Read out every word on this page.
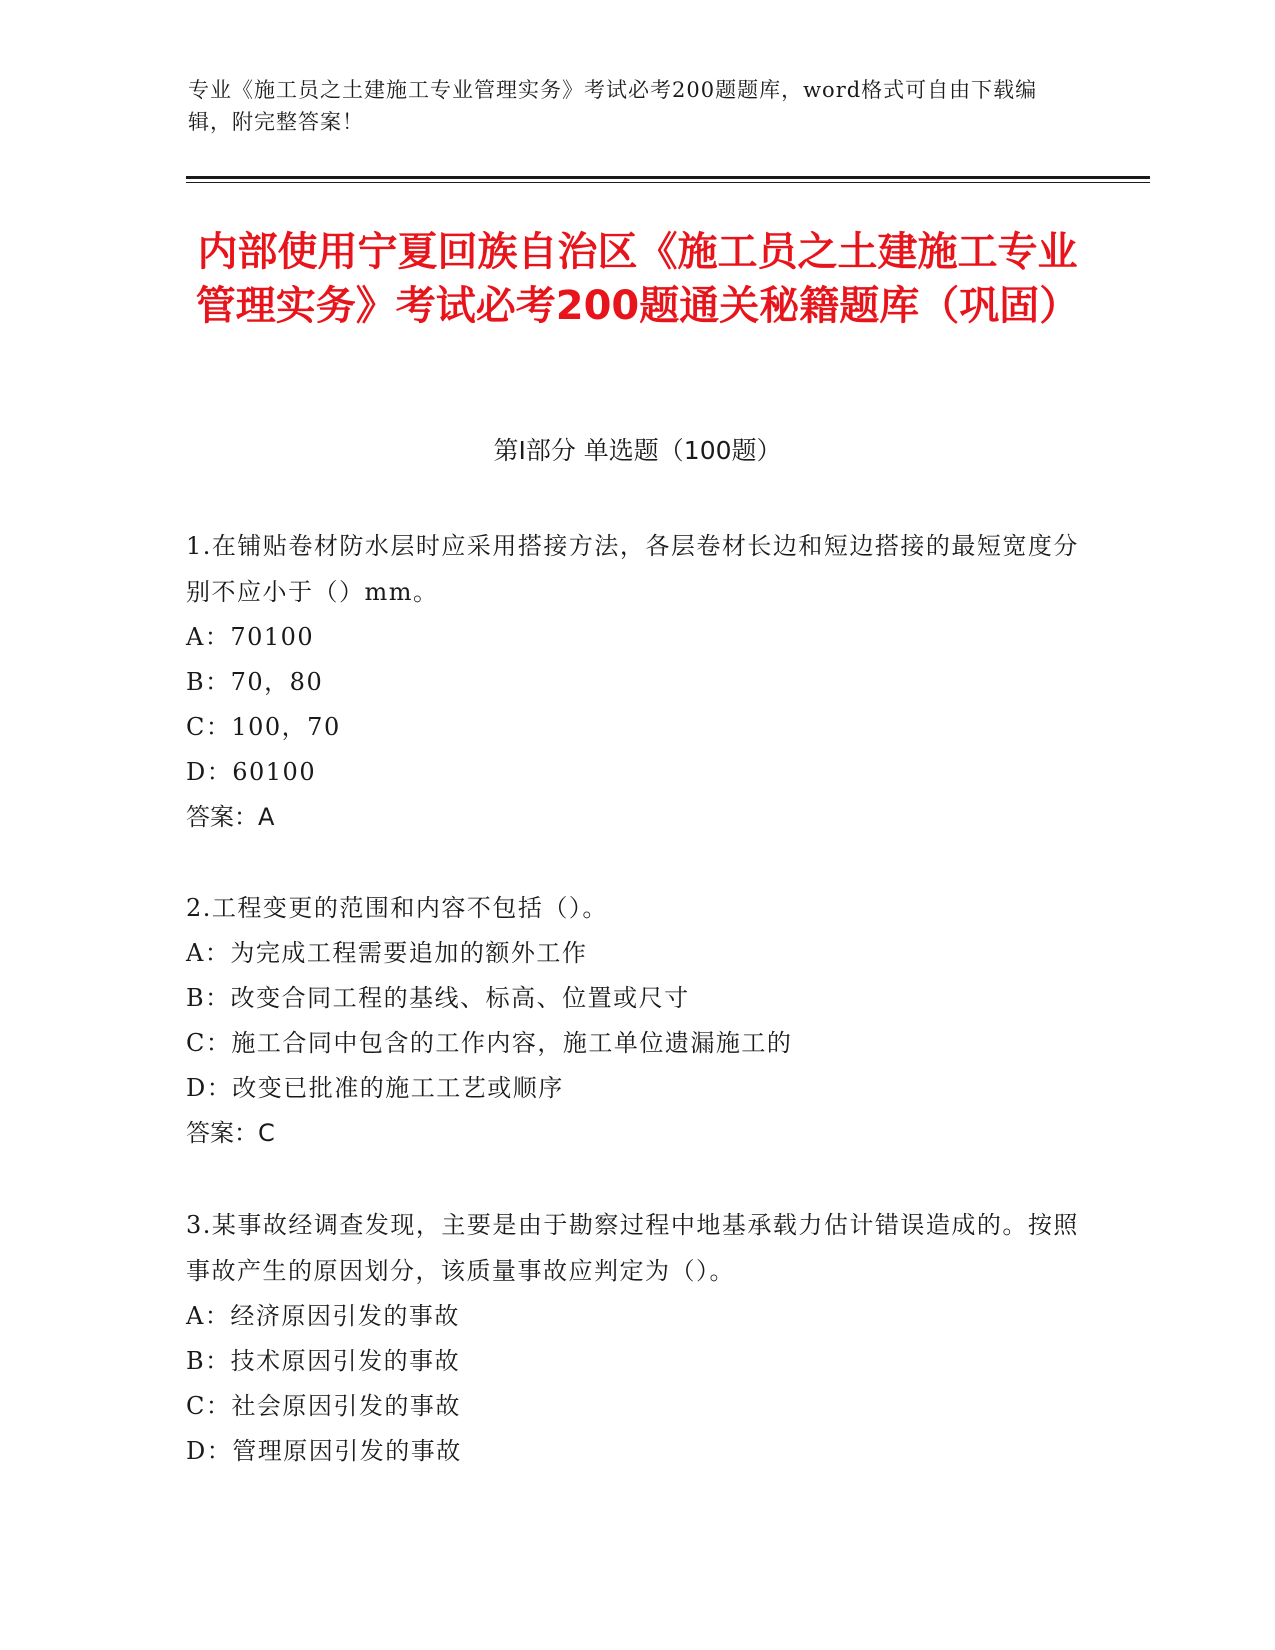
专业《施工员之土建施工专业管理实务》考试必考200题题库，word格式可自由下载编辑，附完整答案！
内部使用宁夏回族自治区《施工员之土建施工专业管理实务》考试必考200题通关秘籍题库（巩固）
第Ⅰ部分 单选题（100题）
1.在铺贴卷材防水层时应采用搭接方法，各层卷材长边和短边搭接的最短宽度分别不应小于（）mm。
A：70100
B：70，80
C：100，70
D：60100
答案：A
2.工程变更的范围和内容不包括（）。
A：为完成工程需要追加的额外工作
B：改变合同工程的基线、标高、位置或尺寸
C：施工合同中包含的工作内容，施工单位遗漏施工的
D：改变已批准的施工工艺或顺序
答案：C
3.某事故经调查发现，主要是由于勘察过程中地基承载力估计错误造成的。按照事故产生的原因划分，该质量事故应判定为（）。
A：经济原因引发的事故
B：技术原因引发的事故
C：社会原因引发的事故
D：管理原因引发的事故
